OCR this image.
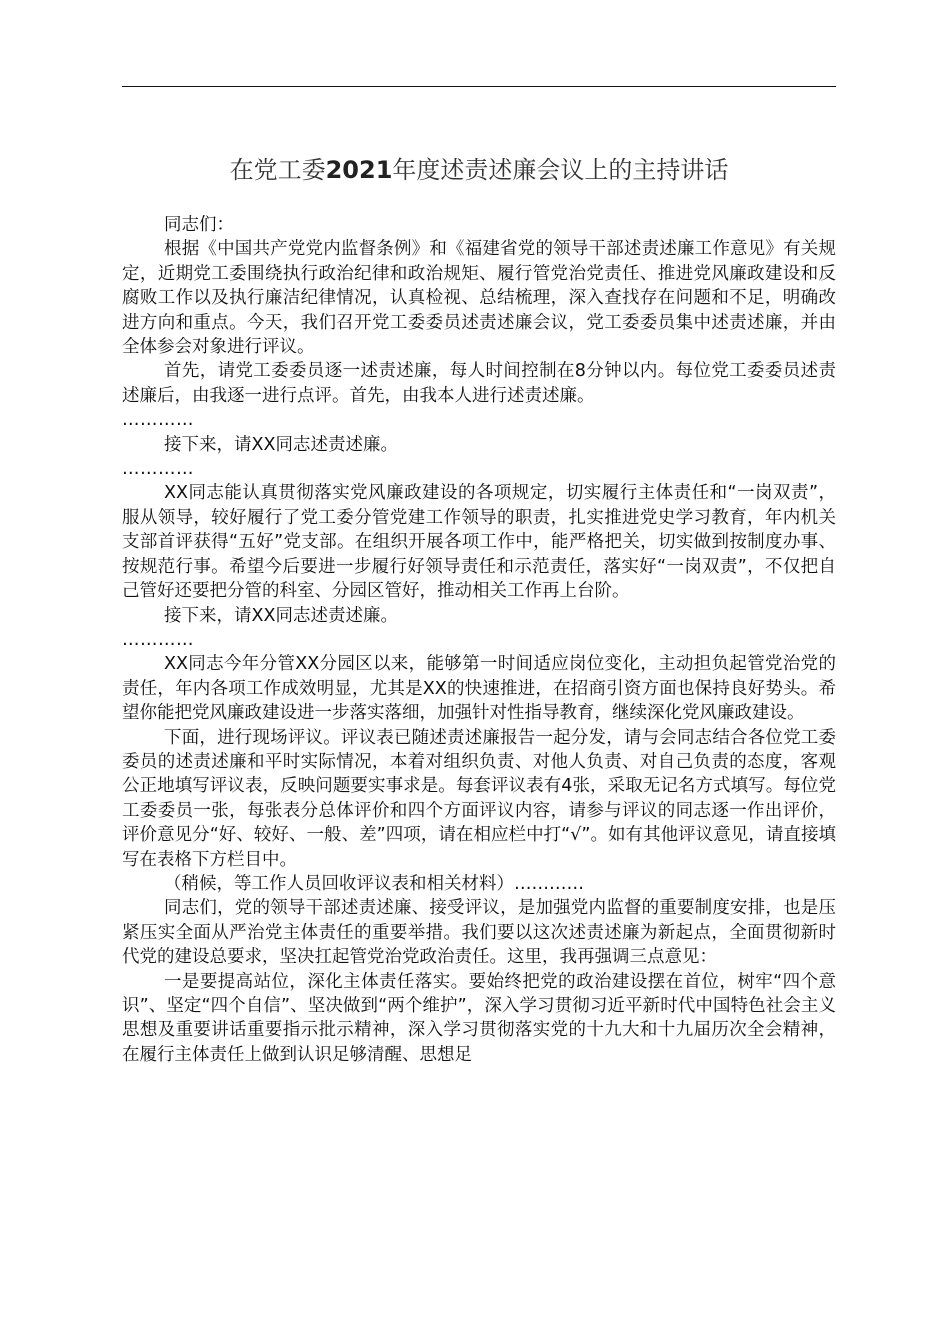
在党工委2021年度述责述廉会议上的主持讲话

同志们：

根据《中国共产党党内监督条例》和《福建省党的领导干部述责述廉工作意见》有关规定，近期党工委围绕执行政治纪律和政治规矩、履行管党治党责任、推进党风廉政建设和反腐败工作以及执行廉洁纪律情况，认真检视、总结梳理，深入查找存在问题和不足，明确改进方向和重点。今天，我们召开党工委委员述责述廉会议，党工委委员集中述责述廉，并由全体参会对象进行评议。

首先，请党工委委员逐一述责述廉，每人时间控制在8分钟以内。每位党工委委员述责述廉后，由我逐一进行点评。首先，由我本人进行述责述廉。

…………

接下来，请XX同志述责述廉。

…………

XX同志能认真贯彻落实党风廉政建设的各项规定，切实履行主体责任和“一岗双责”，服从领导，较好履行了党工委分管党建工作领导的职责，扎实推进党史学习教育，年内机关支部首评获得“五好”党支部。在组织开展各项工作中，能严格把关，切实做到按制度办事、按规范行事。希望今后要进一步履行好领导责任和示范责任，落实好“一岗双责”，不仅把自己管好还要把分管的科室、分园区管好，推动相关工作再上台阶。

接下来，请XX同志述责述廉。

…………

XX同志今年分管XX分园区以来，能够第一时间适应岗位变化，主动担负起管党治党的责任，年内各项工作成效明显，尤其是XX的快速推进，在招商引资方面也保持良好势头。希望你能把党风廉政建设进一步落实落细，加强针对性指导教育，继续深化党风廉政建设。

下面，进行现场评议。评议表已随述责述廉报告一起分发，请与会同志结合各位党工委委员的述责述廉和平时实际情况，本着对组织负责、对他人负责、对自己负责的态度，客观公正地填写评议表，反映问题要实事求是。每套评议表有4张，采取无记名方式填写。每位党工委委员一张，每张表分总体评价和四个方面评议内容，请参与评议的同志逐一作出评价，评价意见分“好、较好、一般、差”四项，请在相应栏中打“√”。如有其他评议意见，请直接填写在表格下方栏目中。

（稍候，等工作人员回收评议表和相关材料）…………

同志们，党的领导干部述责述廉、接受评议，是加强党内监督的重要制度安排，也是压紧压实全面从严治党主体责任的重要举措。我们要以这次述责述廉为新起点，全面贯彻新时代党的建设总要求，坚决扛起管党治党政治责任。这里，我再强调三点意见：

一是要提高站位，深化主体责任落实。要始终把党的政治建设摆在首位，树牢“四个意识”、坚定“四个自信”、坚决做到“两个维护”，深入学习贯彻习近平新时代中国特色社会主义思想及重要讲话重要指示批示精神，深入学习贯彻落实党的十九大和十九届历次全会精神，在履行主体责任上做到认识足够清醒、思想足
